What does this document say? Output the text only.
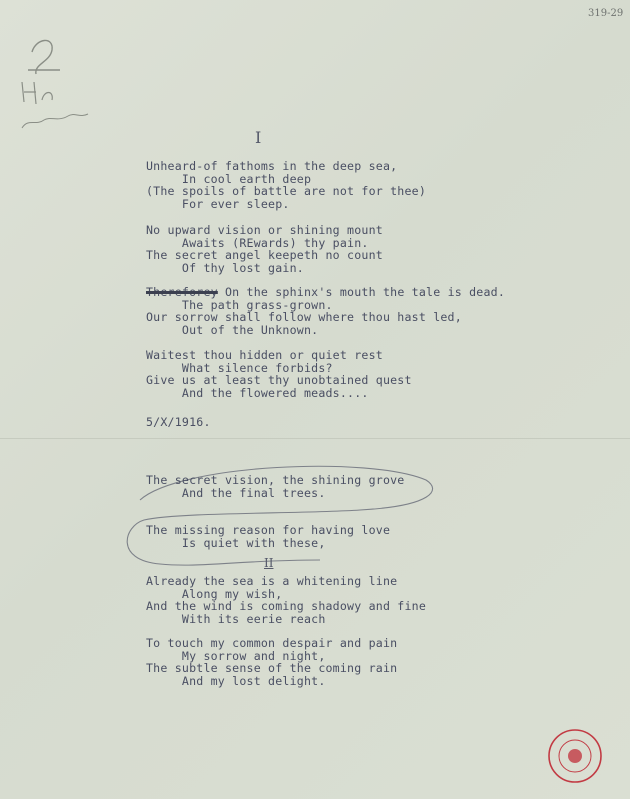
319-29
I
Unheard-of fathoms in the deep sea,
In cool earth deep
(The spoils of battle are not for thee)
For ever sleep.
No upward vision or shining mount
Awaits (REwards) thy pain.
The secret angel keepeth no count
Of thy lost gain.
Thereforey On the sphinx's mouth the tale is dead.
The path grass-grown.
Our sorrow shall follow where thou hast led,
Out of the Unknown.
Waitest thou hidden or quiet rest
What silence forbids?
Give us at least thy unobtained quest
And the flowered meads....
5/X/1916.
The secret vision, the shining grove
And the final trees.
The missing reason for having love
Is quiet with these,
II
Already the sea is a whitening line
Along my wish,
And the wind is coming shadowy and fine
With its eerie reach
To touch my common despair and pain
My sorrow and night,
The subtle sense of the coming rain
And my lost delight.
